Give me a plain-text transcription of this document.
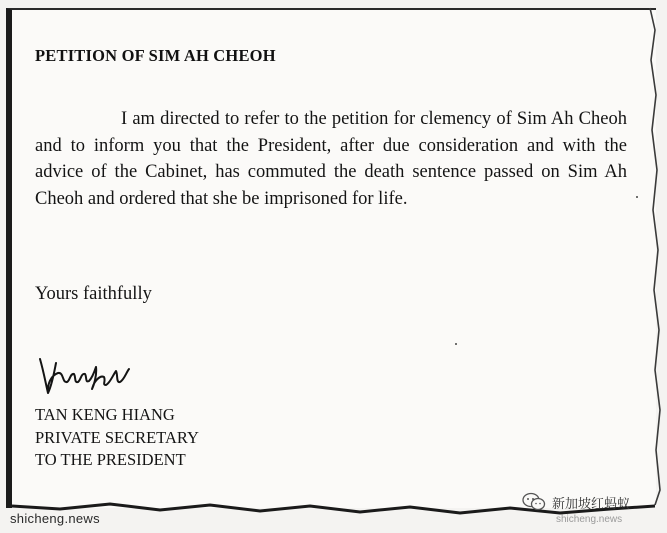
PETITION OF SIM AH CHEOH

I am directed to refer to the petition for clemency of Sim Ah Cheoh and to inform you that the President, after due consideration and with the advice of the Cabinet, has commuted the death sentence passed on Sim Ah Cheoh and ordered that she be imprisoned for life.

Yours faithfully

TAN KENG HIANG
PRIVATE SECRETARY
TO THE PRESIDENT
shicheng.news
新加坡红蚂蚁
shicheng.news
